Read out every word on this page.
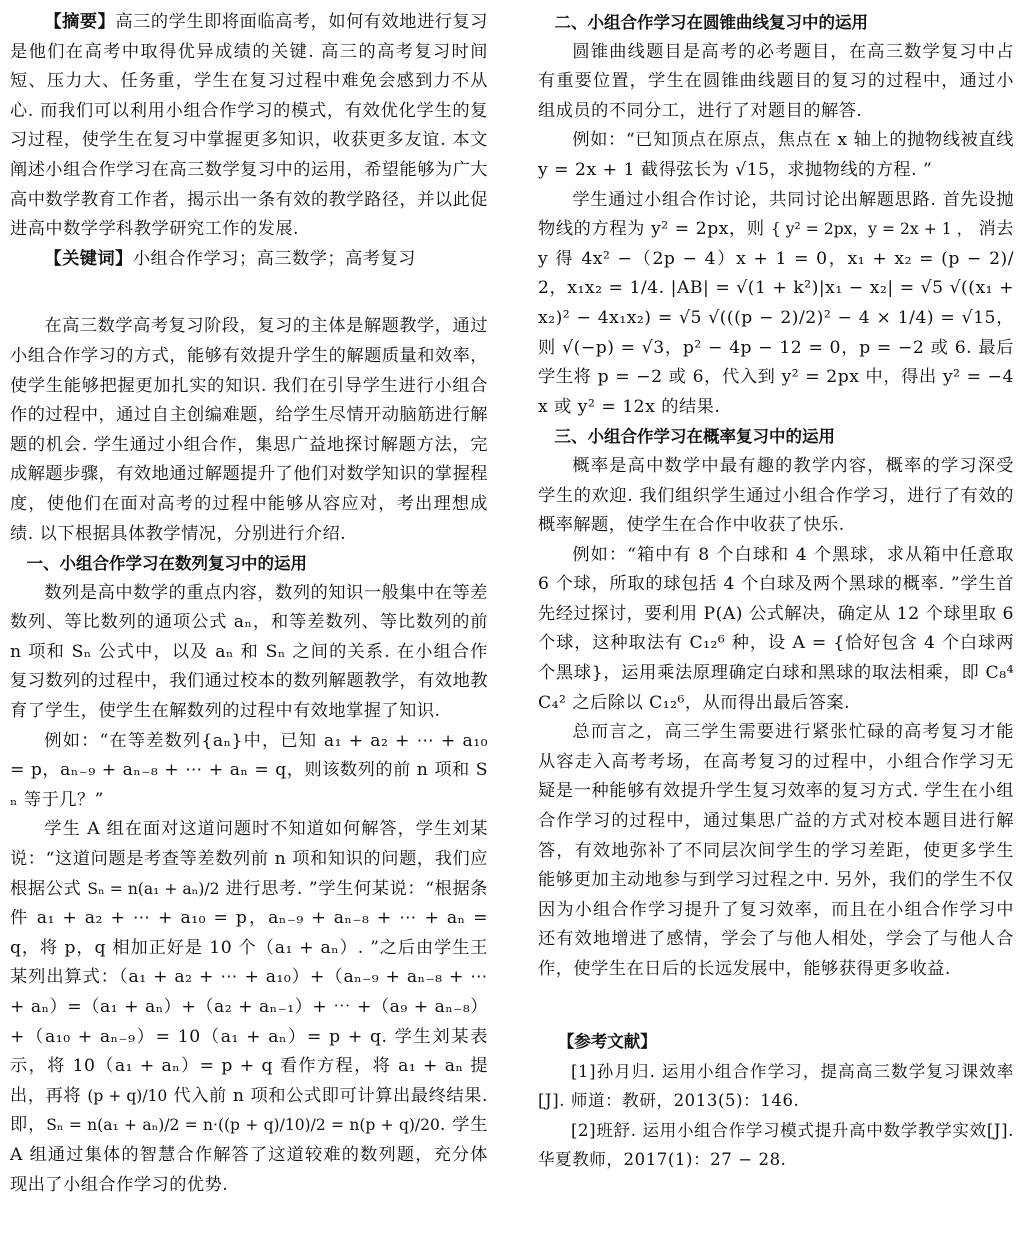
【摘要】高三的学生即将面临高考，如何有效地进行复习是他们在高考中取得优异成绩的关键. 高三的高考复习时间短、压力大、任务重，学生在复习过程中难免会感到力不从心. 而我们可以利用小组合作学习的模式，有效优化学生的复习过程，使学生在复习中掌握更多知识，收获更多友谊. 本文阐述小组合作学习在高三数学复习中的运用，希望能够为广大高中数学教育工作者，揭示出一条有效的教学路径，并以此促进高中数学学科教学研究工作的发展.

【关键词】小组合作学习；高三数学；高考复习

在高三数学高考复习阶段，复习的主体是解题教学，通过小组合作学习的方式，能够有效提升学生的解题质量和效率，使学生能够把握更加扎实的知识. 我们在引导学生进行小组合作的过程中，通过自主创编难题，给学生尽情开动脑筋进行解题的机会. 学生通过小组合作，集思广益地探讨解题方法，完成解题步骤，有效地通过解题提升了他们对数学知识的掌握程度，使他们在面对高考的过程中能够从容应对，考出理想成绩. 以下根据具体教学情况，分别进行介绍.

一、小组合作学习在数列复习中的运用

数列是高中数学的重点内容，数列的知识一般集中在等差数列、等比数列的通项公式 aₙ，和等差数列、等比数列的前 n 项和 Sₙ 公式中，以及 aₙ 和 Sₙ 之间的关系. 在小组合作复习数列的过程中，我们通过校本的数列解题教学，有效地教育了学生，使学生在解数列的过程中有效地掌握了知识.

例如：“在等差数列{aₙ}中，已知 a₁ + a₂ + ⋯ + a₁₀ = p，aₙ₋₉ + aₙ₋₈ + ⋯ + aₙ = q，则该数列的前 n 项和 Sₙ 等于几？”

学生 A 组在面对这道问题时不知道如何解答，学生刘某说：“这道问题是考查等差数列前 n 项和知识的问题，我们应根据公式 Sₙ = n(a₁ + aₙ)/2 进行思考. ”学生何某说：“根据条件 a₁ + a₂ + ⋯ + a₁₀ = p，aₙ₋₉ + aₙ₋₈ + ⋯ + aₙ = q，将 p，q 相加正好是 10 个（a₁ + aₙ）. ”之后由学生王某列出算式：（a₁ + a₂ + ⋯ + a₁₀）+（aₙ₋₉ + aₙ₋₈ + ⋯ + aₙ）=（a₁ + aₙ）+（a₂ + aₙ₋₁）+ ⋯ +（a₉ + aₙ₋₈）+（a₁₀ + aₙ₋₉）= 10（a₁ + aₙ）= p + q. 学生刘某表示，将 10（a₁ + aₙ）= p + q 看作方程，将 a₁ + aₙ 提出，再将 (p + q)/10 代入前 n 项和公式即可计算出最终结果. 即，Sₙ = n(a₁ + aₙ)/2 = n·((p + q)/10)/2 = n(p + q)/20. 学生 A 组通过集体的智慧合作解答了这道较难的数列题，充分体现出了小组合作学习的优势.

二、小组合作学习在圆锥曲线复习中的运用

圆锥曲线题目是高考的必考题目，在高三数学复习中占有重要位置，学生在圆锥曲线题目的复习的过程中，通过小组成员的不同分工，进行了对题目的解答.

例如：“已知顶点在原点，焦点在 x 轴上的抛物线被直线 y = 2x + 1 截得弦长为 √15，求抛物线的方程. ”

学生通过小组合作讨论，共同讨论出解题思路. 首先设抛物线的方程为 y² = 2px，则 { y² = 2px，y = 2x + 1 ， 消去 y 得 4x² −（2p − 4）x + 1 = 0，x₁ + x₂ = (p − 2)/2，x₁x₂ = 1/4. |AB| = √(1 + k²)|x₁ − x₂| = √5 √((x₁ + x₂)² − 4x₁x₂) = √5 √(((p − 2)/2)² − 4 × 1/4) = √15，则 √(−p) = √3，p² − 4p − 12 = 0，p = −2 或 6. 最后学生将 p = −2 或 6，代入到 y² = 2px 中，得出 y² = −4x 或 y² = 12x 的结果.

三、小组合作学习在概率复习中的运用

概率是高中数学中最有趣的教学内容，概率的学习深受学生的欢迎. 我们组织学生通过小组合作学习，进行了有效的概率解题，使学生在合作中收获了快乐.

例如：“箱中有 8 个白球和 4 个黑球，求从箱中任意取 6 个球，所取的球包括 4 个白球及两个黑球的概率. ”学生首先经过探讨，要利用 P(A) 公式解决，确定从 12 个球里取 6 个球，这种取法有 C₁₂⁶ 种，设 A = {恰好包含 4 个白球两个黑球}，运用乘法原理确定白球和黑球的取法相乘，即 C₈⁴C₄² 之后除以 C₁₂⁶，从而得出最后答案.

总而言之，高三学生需要进行紧张忙碌的高考复习才能从容走入高考考场，在高考复习的过程中，小组合作学习无疑是一种能够有效提升学生复习效率的复习方式. 学生在小组合作学习的过程中，通过集思广益的方式对校本题目进行解答，有效地弥补了不同层次间学生的学习差距，使更多学生能够更加主动地参与到学习过程之中. 另外，我们的学生不仅因为小组合作学习提升了复习效率，而且在小组合作学习中还有效地增进了感情，学会了与他人相处，学会了与他人合作，使学生在日后的长远发展中，能够获得更多收益.

【参考文献】

[1]孙月归. 运用小组合作学习，提高高三数学复习课效率[J]. 师道：教研，2013(5)：146.

[2]班舒. 运用小组合作学习模式提升高中数学教学实效[J]. 华夏教师，2017(1)：27 − 28.
